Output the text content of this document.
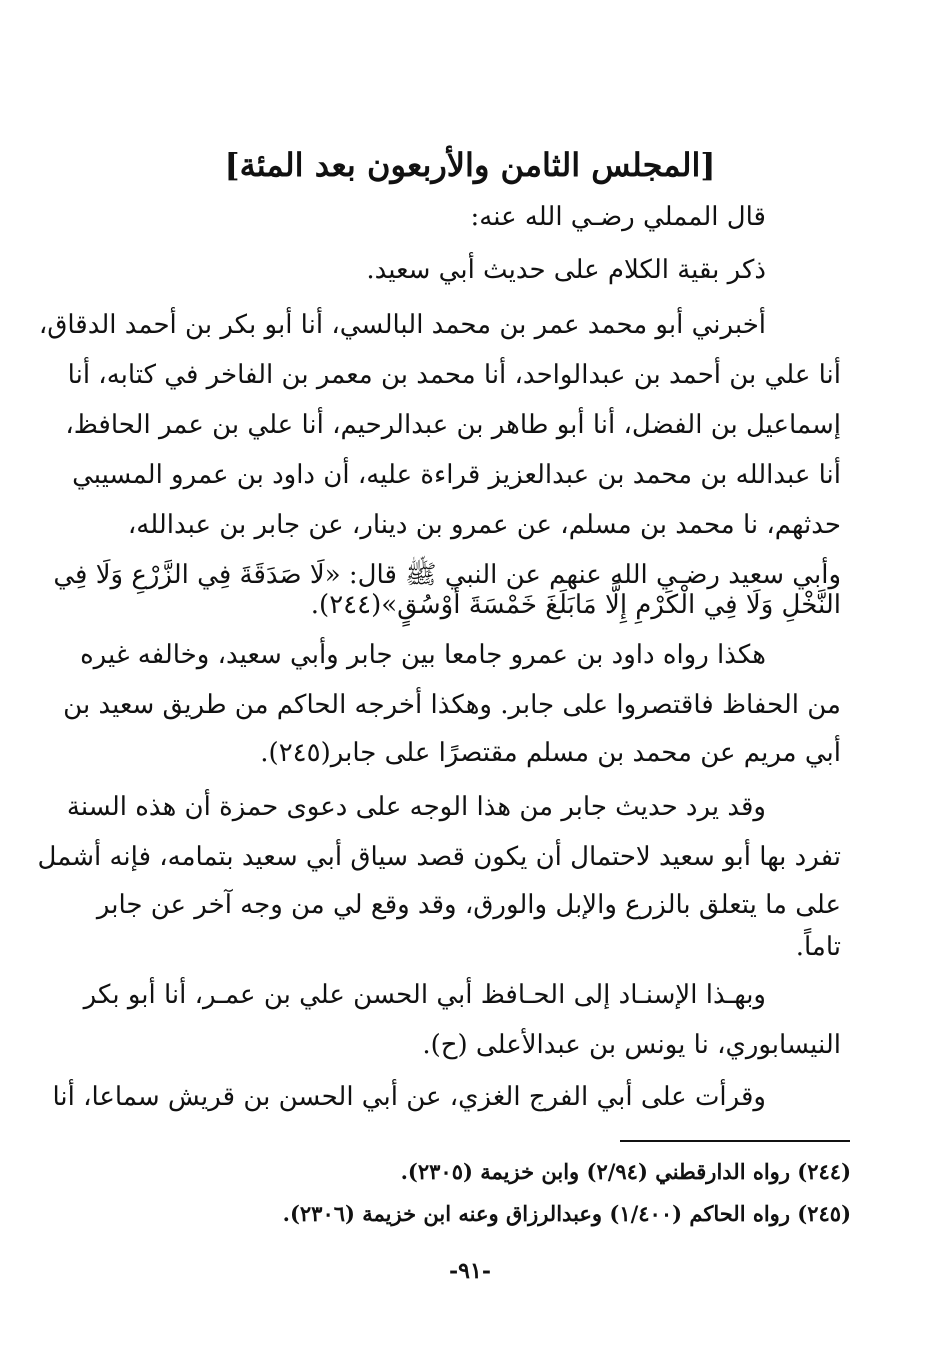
[المجلس الثامن والأربعون بعد المئة]
قال المملي رضـي الله عنه:
ذكر بقية الكلام على حديث أبي سعيد.
أخبرني أبو محمد عمر بن محمد البالسي، أنا أبو بكر بن أحمد الدقاق،
أنا علي بن أحمد بن عبدالواحد، أنا محمد بن معمر بن الفاخر في كتابه، أنا
إسماعيل بن الفضل، أنا أبو طاهر بن عبدالرحيم، أنا علي بن عمر الحافظ،
أنا عبدالله بن محمد بن عبدالعزيز قراءة عليه، أن داود بن عمرو المسيبي
حدثهم، نا محمد بن مسلم، عن عمرو بن دينار، عن جابر بن عبدالله،
وأبي سعيد رضـي الله عنهم عن النبي ﷺ قال: «لَا صَدَقَةَ فِي الزَّرْعِ وَلَا فِي
النَّخْلِ وَلَا فِي الْكَرْمِ إِلَّا مَابَلَغَ خَمْسَةَ أَوْسُقٍ»(٢٤٤).
هكذا رواه داود بن عمرو جامعا بين جابر وأبي سعيد، وخالفه غيره
من الحفاظ فاقتصروا على جابر. وهكذا أخرجه الحاكم من طريق سعيد بن
أبي مريم عن محمد بن مسلم مقتصرًا على جابر(٢٤٥).
وقد يرد حديث جابر من هذا الوجه على دعوى حمزة أن هذه السنة
تفرد بها أبو سعيد لاحتمال أن يكون قصد سياق أبي سعيد بتمامه، فإنه أشمل
على ما يتعلق بالزرع والإبل والورق، وقد وقع لي من وجه آخر عن جابر
تاماً.
وبهـذا الإسنـاد إلى الحـافظ أبي الحسن علي بن عمـر، أنا أبو بكر
النيسابوري، نا يونس بن عبدالأعلى (ح).
وقرأت على أبي الفرج الغزي، عن أبي الحسن بن قريش سماعا، أنا
(٢٤٤) رواه الدارقطني (٢/٩٤) وابن خزيمة (٢٣٠٥).
(٢٤٥) رواه الحاكم (١/٤٠٠) وعبدالرزاق وعنه ابن خزيمة (٢٣٠٦).
-٩١-
